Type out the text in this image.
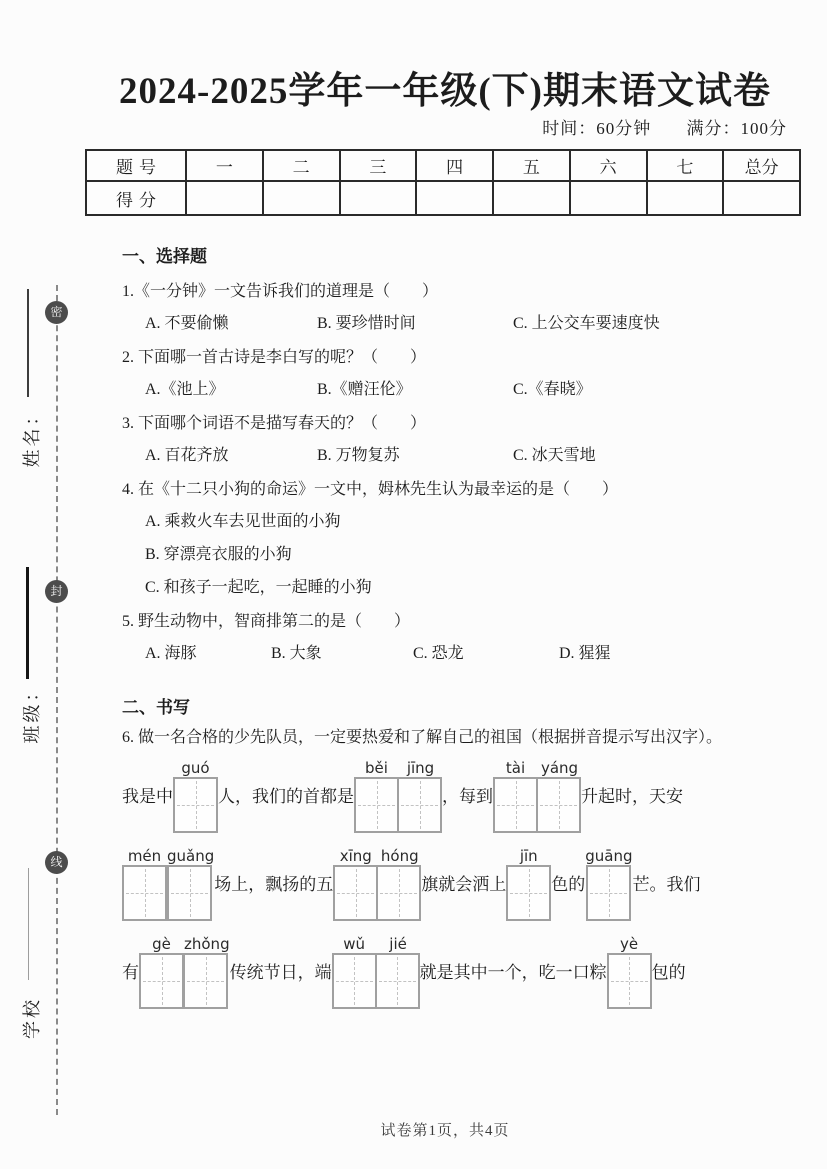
2024-2025学年一年级(下)期末语文试卷
时间：60分钟 满分：100分
题号	一	二	三	四	五	六	七	总分
得分								
密
封
线
姓名：
班级：
学校

一、选择题

1.《一分钟》一文告诉我们的道理是（　　）

A. 不要偷懒	B. 要珍惜时间	C. 上公交车要速度快

2. 下面哪一首古诗是李白写的呢？（　　）

A.《池上》	B.《赠汪伦》	C.《春晓》

3. 下面哪个词语不是描写春天的？（　　）

A. 百花齐放	B. 万物复苏	C. 冰天雪地

4. 在《十二只小狗的命运》一文中，姆林先生认为最幸运的是（　　）

A. 乘救火车去见世面的小狗
B. 穿漂亮衣服的小狗
C. 和孩子一起吃，一起睡的小狗

5. 野生动物中，智商排第二的是（　　）

A. 海豚	B. 大象	C. 恐龙	D. 猩猩

二、书写

6. 做一名合格的少先队员，一定要热爱和了解自己的祖国（根据拼音提示写出汉字）。

我是中
guó
人，我们的首都是
běi jīng
，每到
tài yáng
升起时，天安
mén guǎng
场上，飘扬的五
xīng hóng
旗就会洒上
jīn
色的
guāng
芒。我们
有
gè zhǒng
传统节日，端
wǔ jié
就是其中一个，吃一口粽
yè
包的
试卷第1页，共4页
